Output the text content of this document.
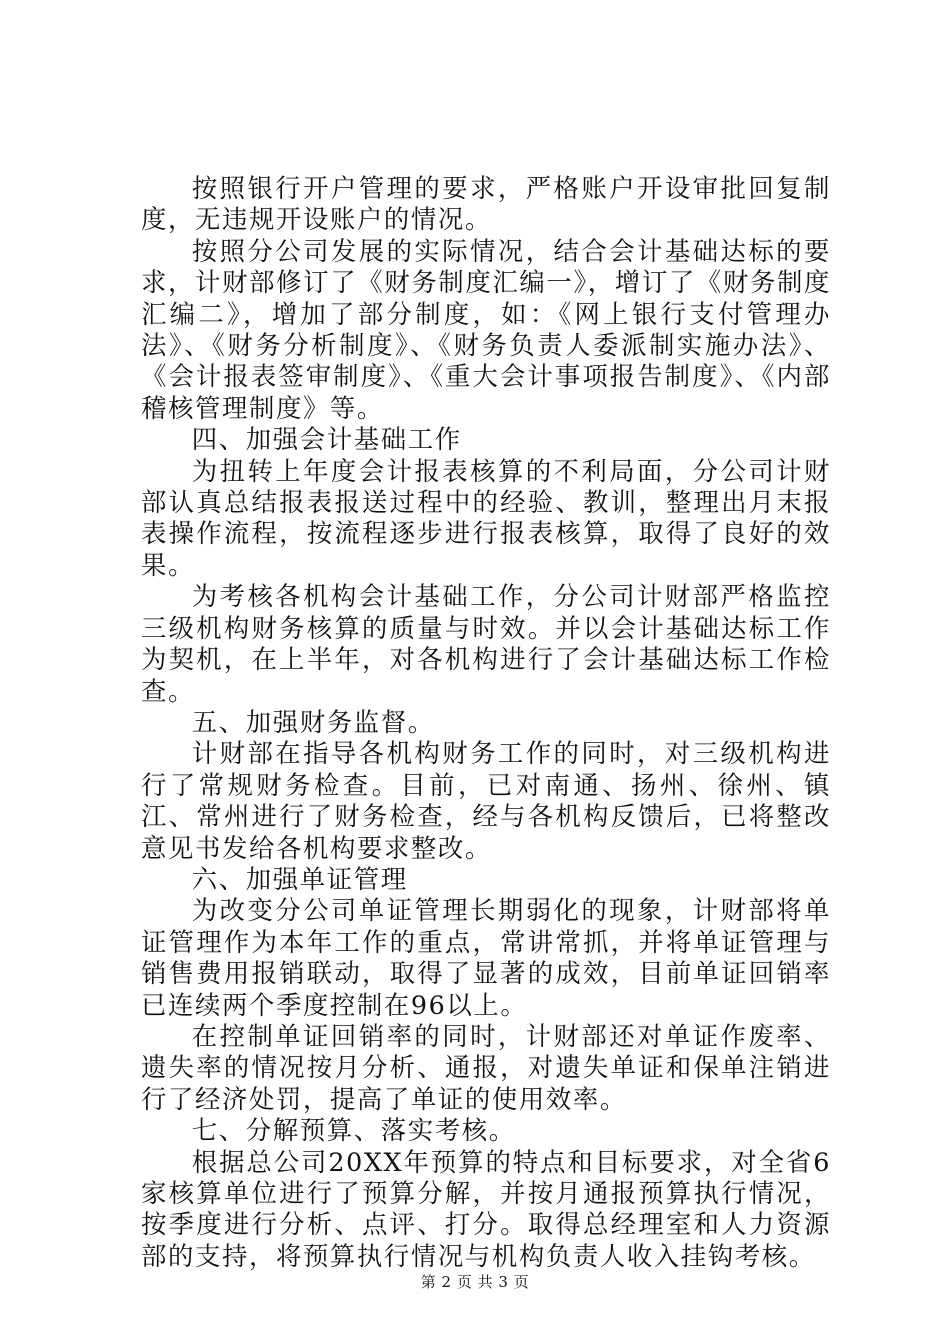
按照银行开户管理的要求，严格账户开设审批回复制度，无违规开设账户的情况。

按照分公司发展的实际情况，结合会计基础达标的要求，计财部修订了《财务制度汇编一》，增订了《财务制度汇编二》，增加了部分制度，如：《网上银行支付管理办法》、《财务分析制度》、《财务负责人委派制实施办法》、《会计报表签审制度》、《重大会计事项报告制度》、《内部稽核管理制度》等。

四、加强会计基础工作

为扭转上年度会计报表核算的不利局面，分公司计财部认真总结报表报送过程中的经验、教训，整理出月末报表操作流程，按流程逐步进行报表核算，取得了良好的效果。

为考核各机构会计基础工作，分公司计财部严格监控三级机构财务核算的质量与时效。并以会计基础达标工作为契机，在上半年，对各机构进行了会计基础达标工作检查。

五、加强财务监督。

计财部在指导各机构财务工作的同时，对三级机构进行了常规财务检查。目前，已对南通、扬州、徐州、镇江、常州进行了财务检查，经与各机构反馈后，已将整改意见书发给各机构要求整改。

六、加强单证管理

为改变分公司单证管理长期弱化的现象，计财部将单证管理作为本年工作的重点，常讲常抓，并将单证管理与销售费用报销联动，取得了显著的成效，目前单证回销率已连续两个季度控制在96以上。

在控制单证回销率的同时，计财部还对单证作废率、遗失率的情况按月分析、通报，对遗失单证和保单注销进行了经济处罚，提高了单证的使用效率。

七、分解预算、落实考核。

根据总公司20XX年预算的特点和目标要求，对全省6家核算单位进行了预算分解，并按月通报预算执行情况，按季度进行分析、点评、打分。取得总经理室和人力资源部的支持，将预算执行情况与机构负责人收入挂钩考核。

第 2 页 共 3 页
